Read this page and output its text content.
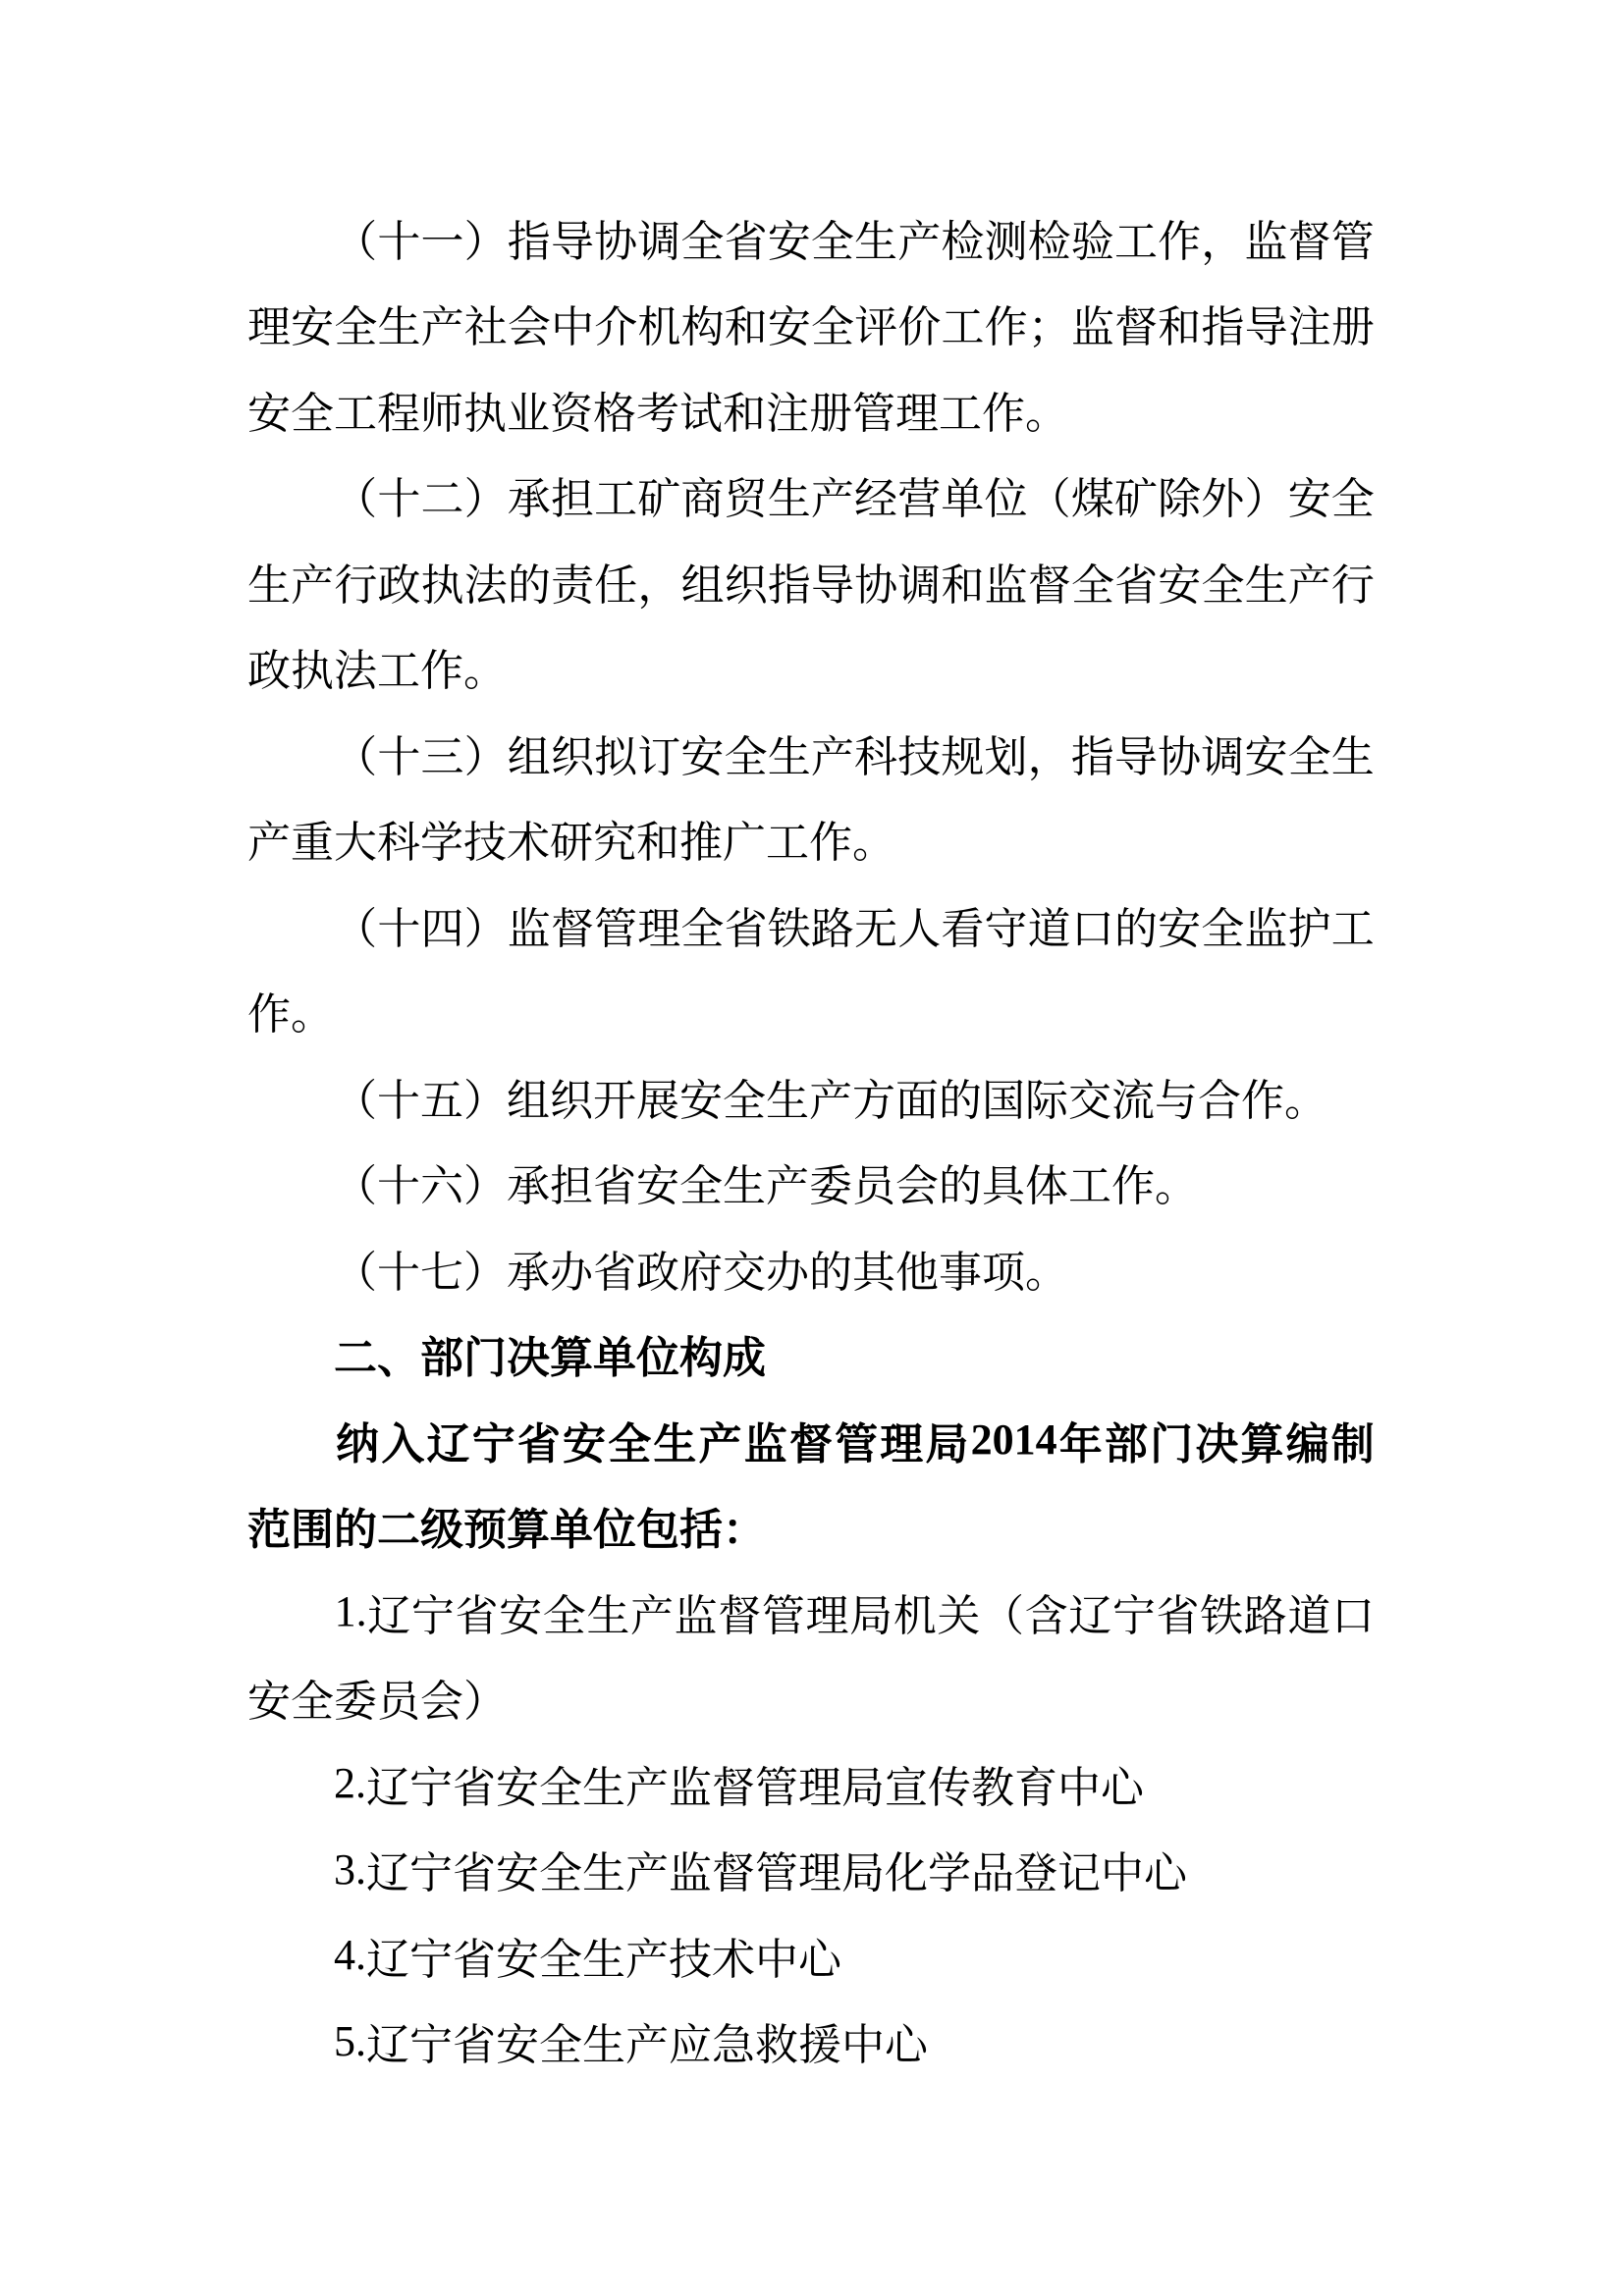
（ 十 一 ） 指 导 协 调 全 省 安 全 生 产 检 测 检 验 工 作 ， 监 督 管
理 安 全 生 产 社 会 中 介 机 构 和 安 全 评 价 工 作 ； 监 督 和 指 导 注 册
安 全 工 程 师 执 业 资 格 考 试 和 注 册 管 理 工 作 。
（ 十 二 ） 承 担 工 矿 商 贸 生 产 经 营 单 位 （ 煤 矿 除 外 ） 安 全
生 产 行 政 执 法 的 责 任 ， 组 织 指 导 协 调 和 监 督 全 省 安 全 生 产 行
政 执 法 工 作 。
（ 十 三 ） 组 织 拟 订 安 全 生 产 科 技 规 划 ， 指 导 协 调 安 全 生
产 重 大 科 学 技 术 研 究 和 推 广 工 作 。
（ 十 四 ） 监 督 管 理 全 省 铁 路 无 人 看 守 道 口 的 安 全 监 护 工
作 。
（ 十 五 ） 组 织 开 展 安 全 生 产 方 面 的 国 际 交 流 与 合 作 。
（ 十 六 ） 承 担 省 安 全 生 产 委 员 会 的 具 体 工 作 。
（ 十 七 ） 承 办 省 政 府 交 办 的 其 他 事 项 。
二 、 部 门 决 算 单 位 构 成
纳 入 辽 宁 省 安 全 生 产 监 督 管 理 局 2014 年 部 门 决 算 编 制
范 围 的 二 级 预 算 单 位 包 括 ：
1. 辽 宁 省 安 全 生 产 监 督 管 理 局 机 关 （ 含 辽 宁 省 铁 路 道 口
安 全 委 员 会 ）
2. 辽 宁 省 安 全 生 产 监 督 管 理 局 宣 传 教 育 中 心
3. 辽 宁 省 安 全 生 产 监 督 管 理 局 化 学 品 登 记 中 心
4. 辽 宁 省 安 全 生 产 技 术 中 心
5. 辽 宁 省 安 全 生 产 应 急 救 援 中 心
